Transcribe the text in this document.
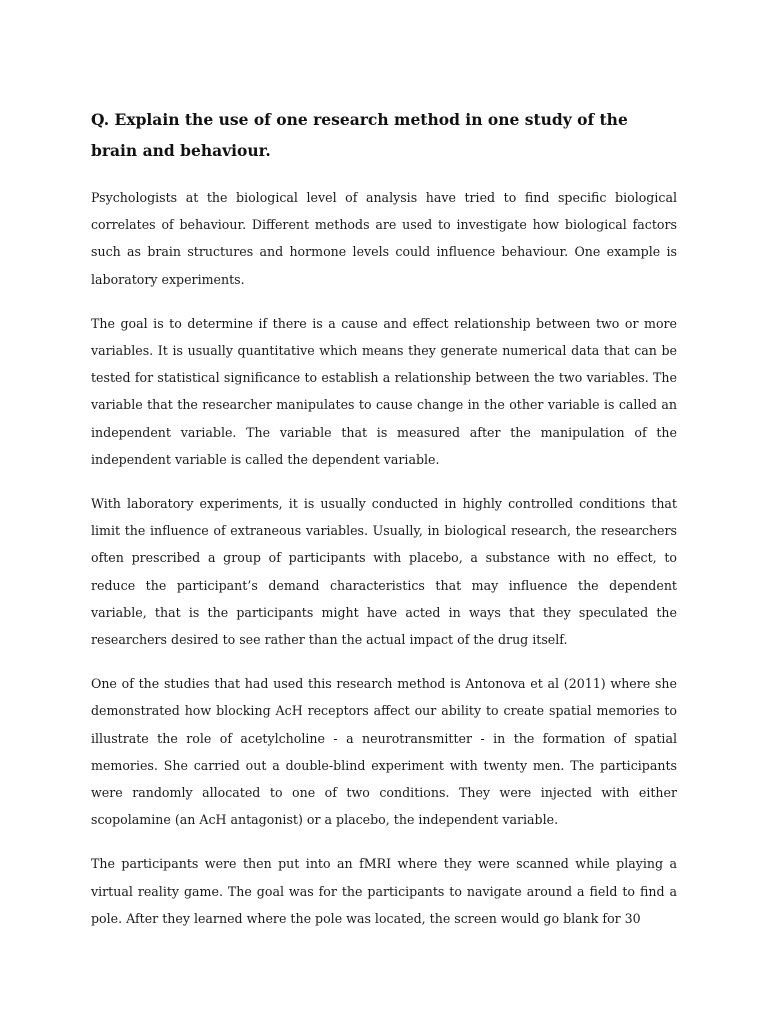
Q. Explain the use of one research method in one study of the brain and behaviour.

Psychologists at the biological level of analysis have tried to find specific biological correlates of behaviour. Different methods are used to investigate how biological factors such as brain structures and hormone levels could influence behaviour. One example is laboratory experiments.

The goal is to determine if there is a cause and effect relationship between two or more variables. It is usually quantitative which means they generate numerical data that can be tested for statistical significance to establish a relationship between the two variables. The variable that the researcher manipulates to cause change in the other variable is called an independent variable. The variable that is measured after the manipulation of the independent variable is called the dependent variable.

With laboratory experiments, it is usually conducted in highly controlled conditions that limit the influence of extraneous variables. Usually, in biological research, the researchers often prescribed a group of participants with placebo, a substance with no effect, to reduce the participant’s demand characteristics that may influence the dependent variable, that is the participants might have acted in ways that they speculated the researchers desired to see rather than the actual impact of the drug itself.

One of the studies that had used this research method is Antonova et al (2011) where she demonstrated how blocking AcH receptors affect our ability to create spatial memories to illustrate the role of acetylcholine - a neurotransmitter - in the formation of spatial memories. She carried out a double-blind experiment with twenty men. The participants were randomly allocated to one of two conditions. They were injected with either scopolamine (an AcH antagonist) or a placebo, the independent variable.

The participants were then put into an fMRI where they were scanned while playing a virtual reality game. The goal was for the participants to navigate around a field to find a pole. After they learned where the pole was located, the screen would go blank for 30
